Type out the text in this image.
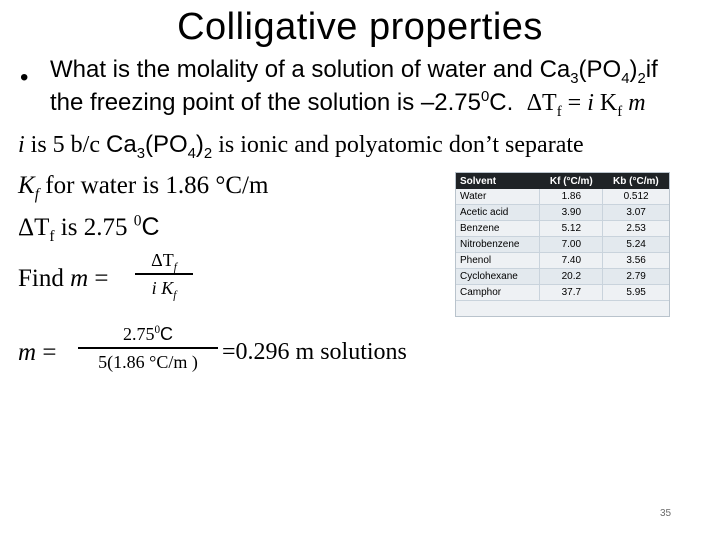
Colligative properties
• What is the molality of a solution of water and $Ca_3(PO_4)_2if$
the freezing point of the solution is –2.75$^0$C. $\Delta T_f = i$ $K_f$ m
i is 5 b/c $Ca_3(PO_4)_2$ is ionic and polyatomic don’t separate
$K_f$ for water is 1.86 °C/m
$\Delta T_f$ is 2.75 $^0$C
Find m =
$\Delta T_f$
i $K_f$
m =
$2.75^0C$
5(1.86 °C/m )	=0.296 m solutions
Solvent	Kf (°C/m)	Kb (°C/m)
Water	1.86	0.512
Acetic acid	3.90	3.07
Benzene	5.12	2.53
Nitrobenzene	7.00	5.24
Phenol	7.40	3.56
Cyclohexane	20.2	2.79
Camphor	37.7	5.95
35
